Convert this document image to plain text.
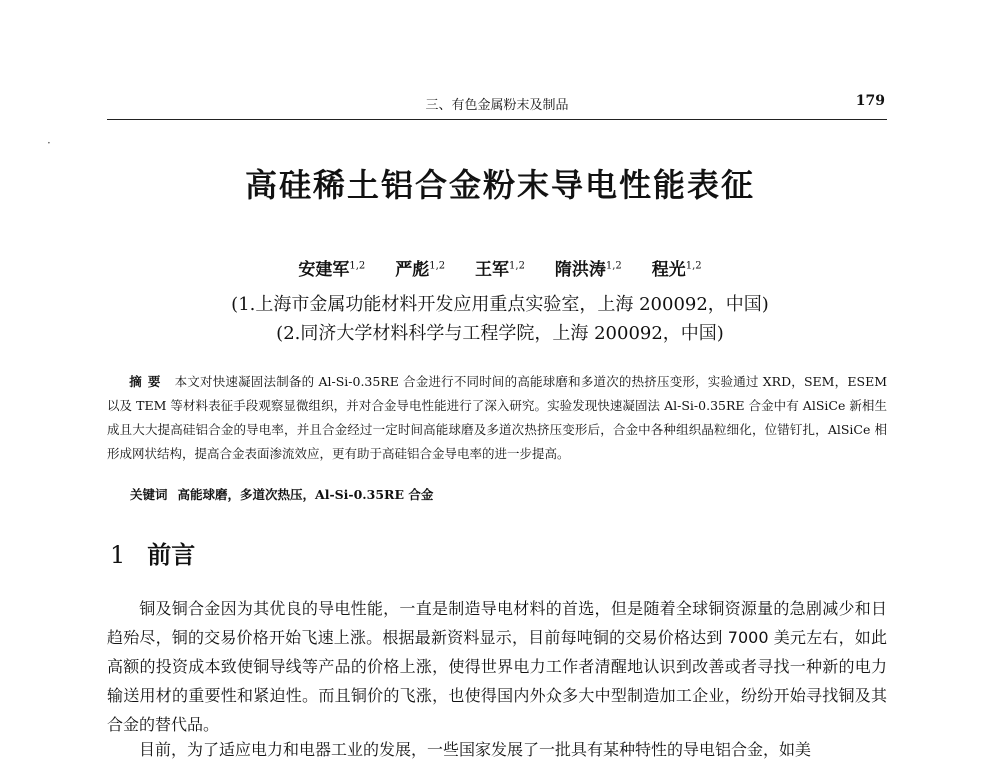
三、有色金属粉末及制品	179
·
高硅稀土铝合金粉末导电性能表征
安建军$^{1,2}$ 严彪$^{1,2}$ 王军$^{1,2}$ 隋洪涛$^{1,2}$ 程光$^{1,2}$
(1.上海市金属功能材料开发应用重点实验室，上海 200092，中国)
(2.同济大学材料科学与工程学院，上海 200092，中国)
摘要 本文对快速凝固法制备的 Al-Si-0.35RE 合金进行不同时间的高能球磨和多道次的热挤压变形，实验通过 XRD，SEM，ESEM 以及 TEM 等材料表征手段观察显微组织，并对合金导电性能进行了深入研究。实验发现快速凝固法 Al-Si-0.35RE 合金中有 AlSiCe 新相生成且大大提高硅铝合金的导电率，并且合金经过一定时间高能球磨及多道次热挤压变形后，合金中各种组织晶粒细化，位错钉扎，AlSiCe 相形成网状结构，提高合金表面渗流效应，更有助于高硅铝合金导电率的进一步提高。
关键词 高能球磨，多道次热压，Al-Si-0.35RE 合金
1 前言
铜及铜合金因为其优良的导电性能，一直是制造导电材料的首选，但是随着全球铜资源量的急剧减少和日趋殆尽，铜的交易价格开始飞速上涨。根据最新资料显示，目前每吨铜的交易价格达到 7000 美元左右，如此高额的投资成本致使铜导线等产品的价格上涨，使得世界电力工作者清醒地认识到改善或者寻找一种新的电力输送用材的重要性和紧迫性。而且铜价的飞涨，也使得国内外众多大中型制造加工企业，纷纷开始寻找铜及其合金的替代品。
目前，为了适应电力和电器工业的发展，一些国家发展了一批具有某种特性的导电铝合金，如美
